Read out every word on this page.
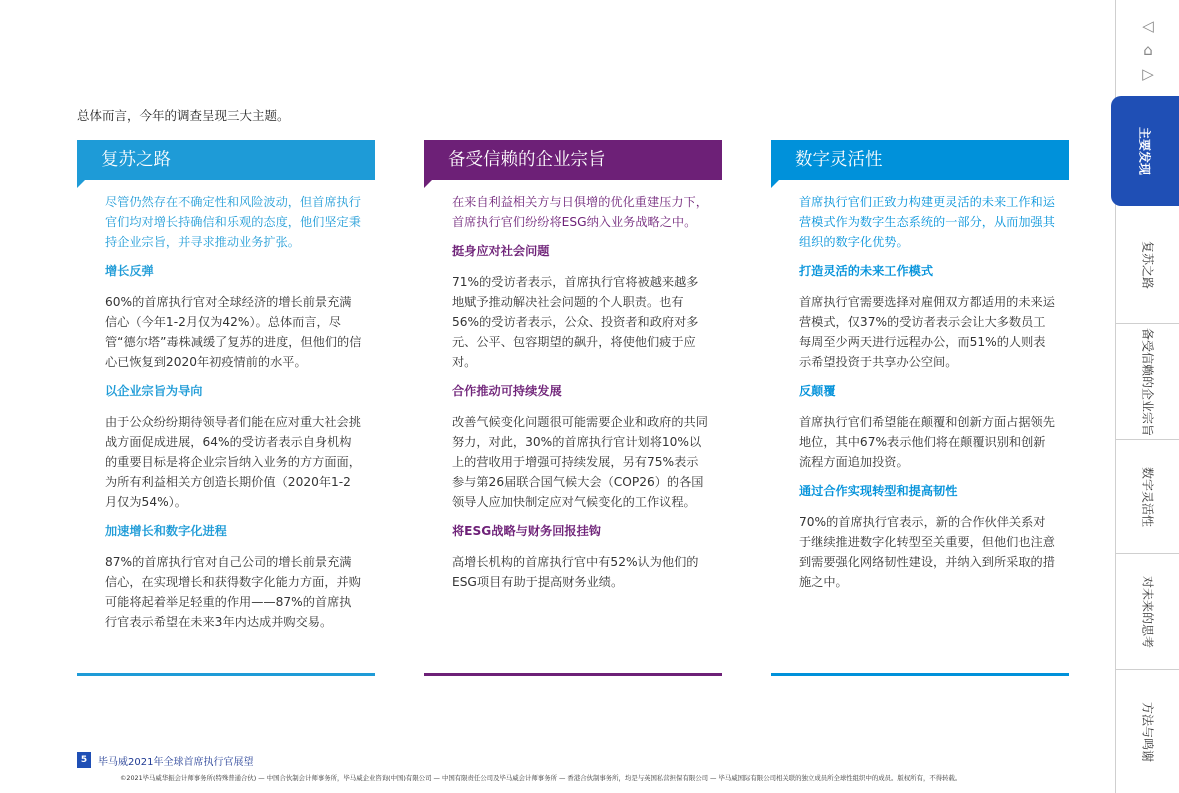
总体而言，今年的调查呈现三大主题。
复苏之路

尽管仍然存在不确定性和风险波动，但首席执行官们均对增长持确信和乐观的态度，他们坚定秉持企业宗旨，并寻求推动业务扩张。

增长反弹

60%的首席执行官对全球经济的增长前景充满信心（今年1-2月仅为42%）。总体而言，尽管“德尔塔”毒株减缓了复苏的进度，但他们的信心已恢复到2020年初疫情前的水平。

以企业宗旨为导向

由于公众纷纷期待领导者们能在应对重大社会挑战方面促成进展，64%的受访者表示自身机构的重要目标是将企业宗旨纳入业务的方方面面，为所有利益相关方创造长期价值（2020年1-2月仅为54%）。

加速增长和数字化进程

87%的首席执行官对自己公司的增长前景充满信心，在实现增长和获得数字化能力方面，并购可能将起着举足轻重的作用——87%的首席执行官表示希望在未来3年内达成并购交易。

备受信赖的企业宗旨

在来自利益相关方与日俱增的优化重建压力下，首席执行官们纷纷将ESG纳入业务战略之中。

挺身应对社会问题

71%的受访者表示，首席执行官将被越来越多地赋予推动解决社会问题的个人职责。也有56%的受访者表示，公众、投资者和政府对多元、公平、包容期望的飙升，将使他们疲于应对。

合作推动可持续发展

改善气候变化问题很可能需要企业和政府的共同努力，对此，30%的首席执行官计划将10%以上的营收用于增强可持续发展，另有75%表示参与第26届联合国气候大会（COP26）的各国领导人应加快制定应对气候变化的工作议程。

将ESG战略与财务回报挂钩

高增长机构的首席执行官中有52%认为他们的ESG项目有助于提高财务业绩。

数字灵活性

首席执行官们正致力构建更灵活的未来工作和运营模式作为数字生态系统的一部分，从而加强其组织的数字化优势。

打造灵活的未来工作模式

首席执行官需要选择对雇佣双方都适用的未来运营模式，仅37%的受访者表示会让大多数员工每周至少两天进行远程办公，而51%的人则表示希望投资于共享办公空间。

反颠覆

首席执行官们希望能在颠覆和创新方面占据领先地位，其中67%表示他们将在颠覆识别和创新流程方面追加投资。

通过合作实现转型和提高韧性

70%的首席执行官表示，新的合作伙伴关系对于继续推进数字化转型至关重要，但他们也注意到需要强化网络韧性建设，并纳入到所采取的措施之中。

◁
⌂
▷
主要发现
复苏之路
备受信赖的企业宗旨
数字灵活性
对未来的思考
方法与鸣谢
5	毕马威2021年全球首席执行官展望
©2021毕马威华振会计师事务所(特殊普通合伙) — 中国合伙制会计师事务所，毕马威企业咨询(中国)有限公司 — 中国有限责任公司及毕马威会计师事务所 — 香港合伙制事务所，均是与英国私营担保有限公司 — 毕马威国际有限公司相关联的独立成员所全球性组织中的成员。版权所有，不得转载。
